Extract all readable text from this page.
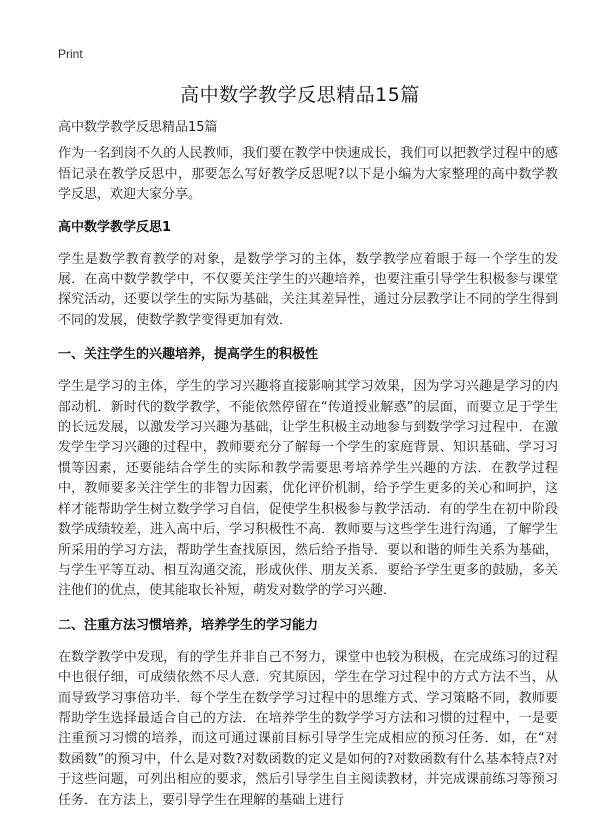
Print
高中数学教学反思精品15篇

高中数学教学反思精品15篇

作为一名到岗不久的人民教师，我们要在教学中快速成长，我们可以把教学过程中的感悟记录在教学反思中，那要怎么写好教学反思呢?以下是小编为大家整理的高中数学教学反思，欢迎大家分享。

高中数学教学反思1

学生是数学教育教学的对象，是数学学习的主体，数学教学应着眼于每一个学生的发展．在高中数学教学中，不仅要关注学生的兴趣培养，也要注重引导学生积极参与课堂探究活动，还要以学生的实际为基础，关注其差异性，通过分层教学让不同的学生得到不同的发展，使数学教学变得更加有效．

一、关注学生的兴趣培养，提高学生的积极性

学生是学习的主体，学生的学习兴趣将直接影响其学习效果，因为学习兴趣是学习的内部动机．新时代的数学教学，不能依然停留在“传道授业解惑”的层面，而要立足于学生的长远发展，以激发学习兴趣为基础，让学生积极主动地参与到数学学习过程中．在激发学生学习兴趣的过程中，教师要充分了解每一个学生的家庭背景、知识基础、学习习惯等因素，还要能结合学生的实际和教学需要思考培养学生兴趣的方法．在教学过程中，教师要多关注学生的非智力因素，优化评价机制，给予学生更多的关心和呵护，这样才能帮助学生树立数学学习自信，促使学生积极参与教学活动．有的学生在初中阶段数学成绩较差，进入高中后，学习积极性不高．教师要与这些学生进行沟通，了解学生所采用的学习方法，帮助学生查找原因，然后给予指导．要以和谐的师生关系为基础，与学生平等互动、相互沟通交流，形成伙伴、朋友关系．要给予学生更多的鼓励，多关注他们的优点，使其能取长补短，萌发对数学的学习兴趣．

二、注重方法习惯培养，培养学生的学习能力

在数学教学中发现，有的学生并非自己不努力，课堂中也较为积极，在完成练习的过程中也很仔细，可成绩依然不尽人意．究其原因，学生在学习过程中的方式方法不当，从而导致学习事倍功半．每个学生在数学学习过程中的思维方式、学习策略不同，教师要帮助学生选择最适合自己的方法．在培养学生的数学学习方法和习惯的过程中，一是要注重预习习惯的培养，而这可通过课前目标引导学生完成相应的预习任务．如，在“对数函数”的预习中，什么是对数?对数函数的定义是如何的?对数函数有什么基本特点?对于这些问题，可列出相应的要求，然后引导学生自主阅读教材，并完成课前练习等预习任务．在方法上，要引导学生在理解的基础上进行
